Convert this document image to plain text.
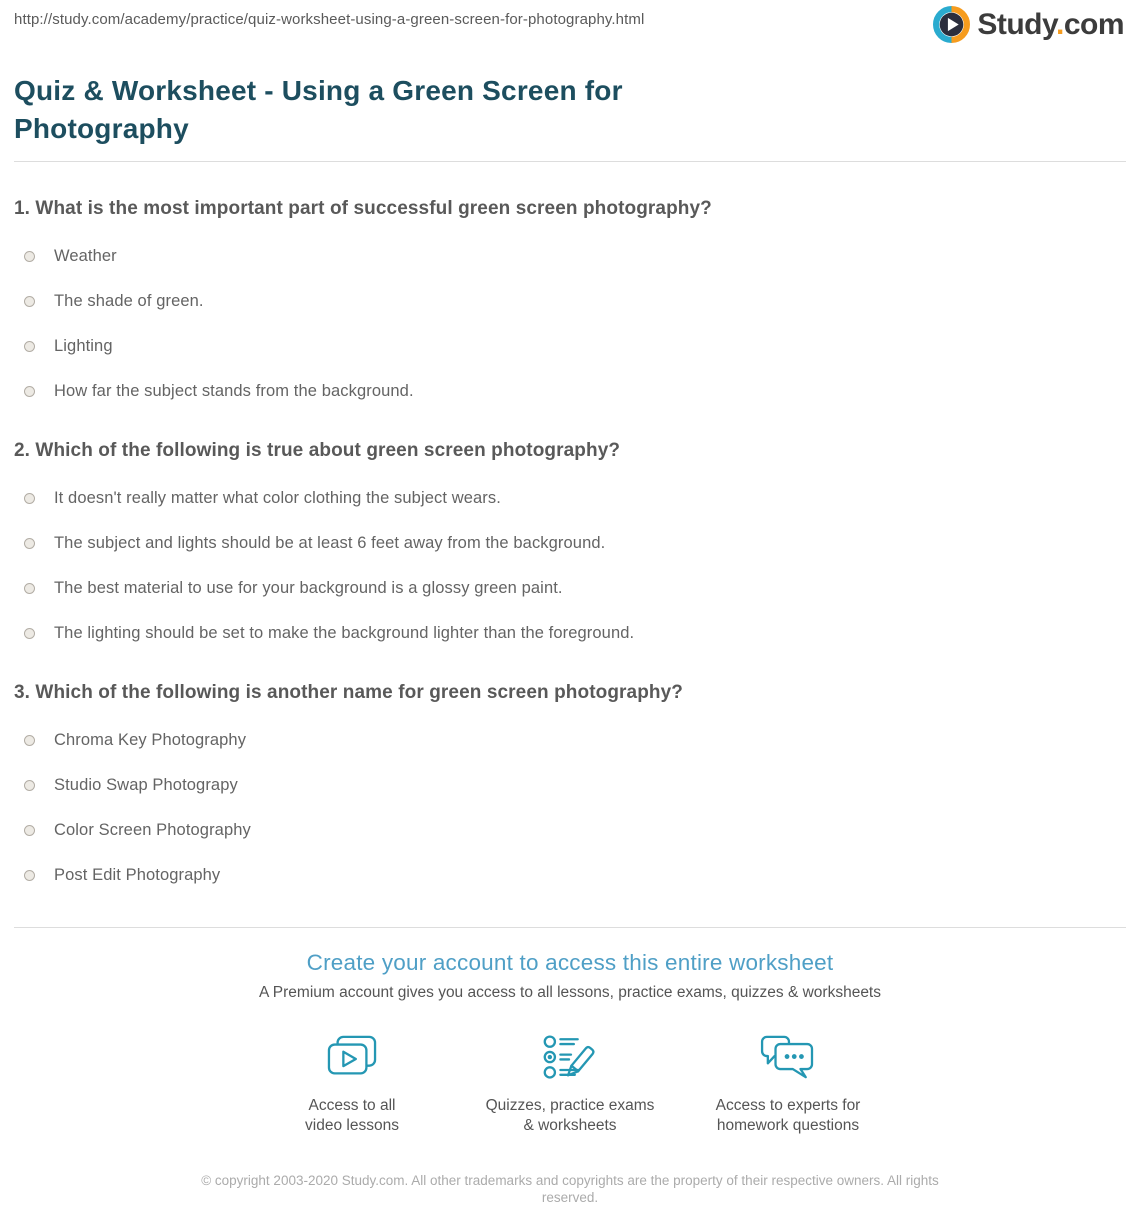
http://study.com/academy/practice/quiz-worksheet-using-a-green-screen-for-photography.html	Study.com
Quiz & Worksheet - Using a Green Screen for Photography
1. What is the most important part of successful green screen photography?
Weather
The shade of green.
Lighting
How far the subject stands from the background.
2. Which of the following is true about green screen photography?
It doesn't really matter what color clothing the subject wears.
The subject and lights should be at least 6 feet away from the background.
The best material to use for your background is a glossy green paint.
The lighting should be set to make the background lighter than the foreground.
3. Which of the following is another name for green screen photography?
Chroma Key Photography
Studio Swap Photograpy
Color Screen Photography
Post Edit Photography
Create your account to access this entire worksheet
A Premium account gives you access to all lessons, practice exams, quizzes & worksheets
Access to all
video lessons
Quizzes, practice exams
& worksheets
Access to experts for
homework questions
© copyright 2003-2020 Study.com. All other trademarks and copyrights are the property of their respective owners. All rights
reserved.
